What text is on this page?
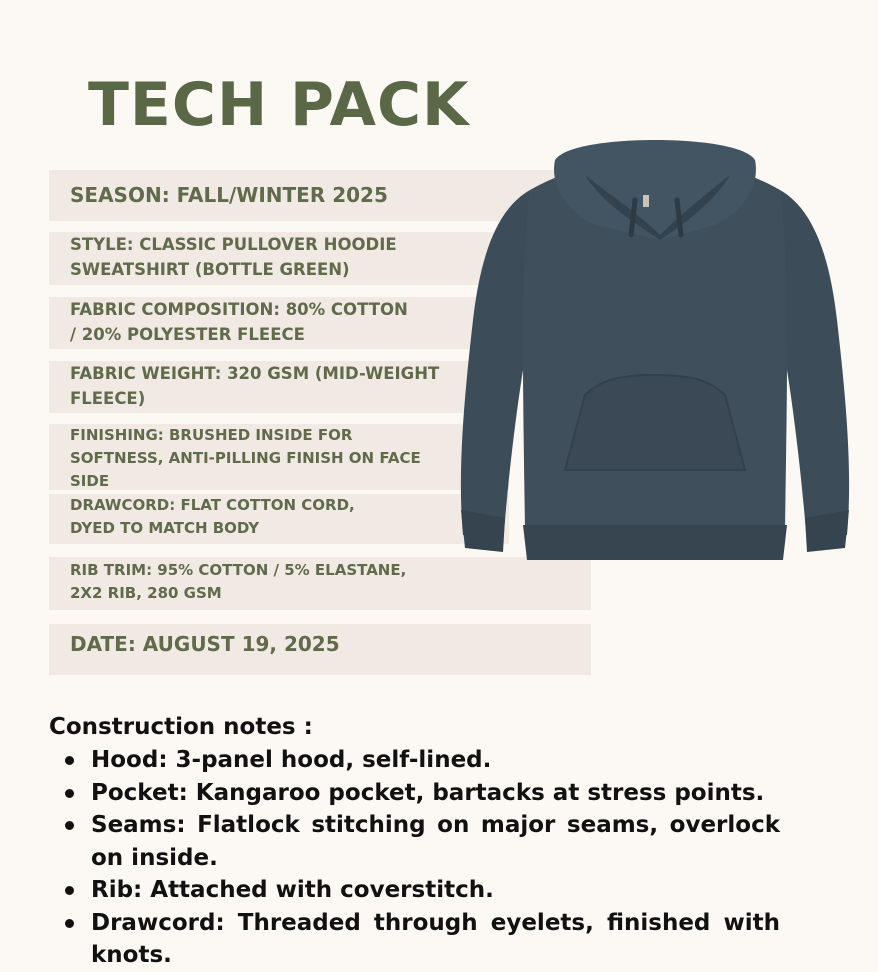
TECH PACK
SEASON: FALL/WINTER 2025
STYLE: CLASSIC PULLOVER HOODIE
SWEATSHIRT (BOTTLE GREEN)
FABRIC COMPOSITION: 80% COTTON
/ 20% POLYESTER FLEECE
FABRIC WEIGHT: 320 GSM (MID-WEIGHT
FLEECE)
FINISHING: BRUSHED INSIDE FOR
SOFTNESS, ANTI-PILLING FINISH ON FACE
SIDE
DRAWCORD: FLAT COTTON CORD,
DYED TO MATCH BODY
RIB TRIM: 95% COTTON / 5% ELASTANE,
2X2 RIB, 280 GSM
DATE: AUGUST 19, 2025
Construction notes :
Hood: 3-panel hood, self-lined.
Pocket: Kangaroo pocket, bartacks at stress points.
Seams: Flatlock stitching on major seams, overlock on inside.
Rib: Attached with coverstitch.
Drawcord: Threaded through eyelets, finished with knots.
